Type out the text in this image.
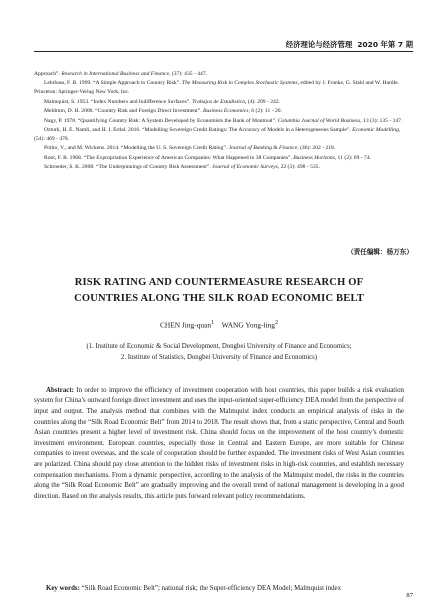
经济理论与经济管理 2020 年第 7 期

Approach”. Research in International Business and Finance, (37): 435 - 447.

Lehrbass, F. B. 1999. “A Simple Approach to Country Risk”. The Measuring Risk in Complex Stochastic Systems, edited by J. Franke, G. Stahl and W. Hardle. Princeton: Springer-Verlag New York, Inc.

Malmquist, S. 1953. “Index Numbers and Indifference Surfaces”. Trabajos de Estadistica, (4): 209 - 242.

Meldrum, D. H. 2000. “Country Risk and Foreign Direct Investment”. Business Economics, 6 (2): 11 - 20.

Nagy, P. 1978. “Quantifying Country Risk: A System Developed by Economists the Bank of Montreal”. Columbia Journal of World Business, 13 (3): 135 - 147.

Ozturk, H. E. Namli, and H. I. Erdal. 2016. “Modelling Sovereign Credit Ratings: The Accuracy of Models in a Heterogeneous Sample”. Economic Modelling, (54): 469 - 478.

Polito, V., and M. Wickens. 2014. “Modelling the U. S. Sovereign Credit Rating”. Journal of Banking & Finance, (46): 202 - 218.

Root, F. R. 1968. “The Expropriation Experience of American Companies: What Happened to 38 Companies”. Business Horizons, 11 (2): 69 - 74.

Schroeder, S. K. 2008. “The Underpinnings of Country Risk Assessment”. Journal of Economic Surveys, 22 (3): 498 - 535.

（责任编辑：杨万东）
RISK RATING AND COUNTERMEASURE RESEARCH OF
COUNTRIES ALONG THE SILK ROAD ECONOMIC BELT
CHEN Jing-quan$^1$ WANG Yong-ling$^2$
(1. Institute of Economic & Social Development, Dongbei University of Finance and Economics;
2. Institute of Statistics, Dongbei University of Finance and Economics)

Abstract: In order to improve the efficiency of investment cooperation with host countries, this paper builds a risk evaluation system for China’s outward foreign direct investment and uses the input-oriented super-efficiency DEA model from the perspective of input and output. The analysis method that combines with the Malmquist index conducts an empirical analysis of risks in the countries along the “Silk Road Economic Belt” from 2014 to 2018. The result shows that, from a static perspective, Central and South Asian countries present a higher level of investment risk. China should focus on the improvement of the host country’s domestic investment environment. European countries, especially those in Central and Eastern Europe, are more suitable for Chinese companies to invest overseas, and the scale of cooperation should be further expanded. The investment risks of West Asian countries are polarized. China should pay close attention to the hidden risks of investment risks in high-risk countries, and establish necessary compensation mechanisms. From a dynamic perspective, according to the analysis of the Malmquist model, the risks in the countries along the “Silk Road Economic Belt” are gradually improving and the overall trend of national management is developing in a good direction. Based on the analysis results, this article puts forward relevant policy recommendations.

Key words: “Silk Road Economic Belt”; national risk; the Super-efficiency DEA Model; Malmquist index

87
